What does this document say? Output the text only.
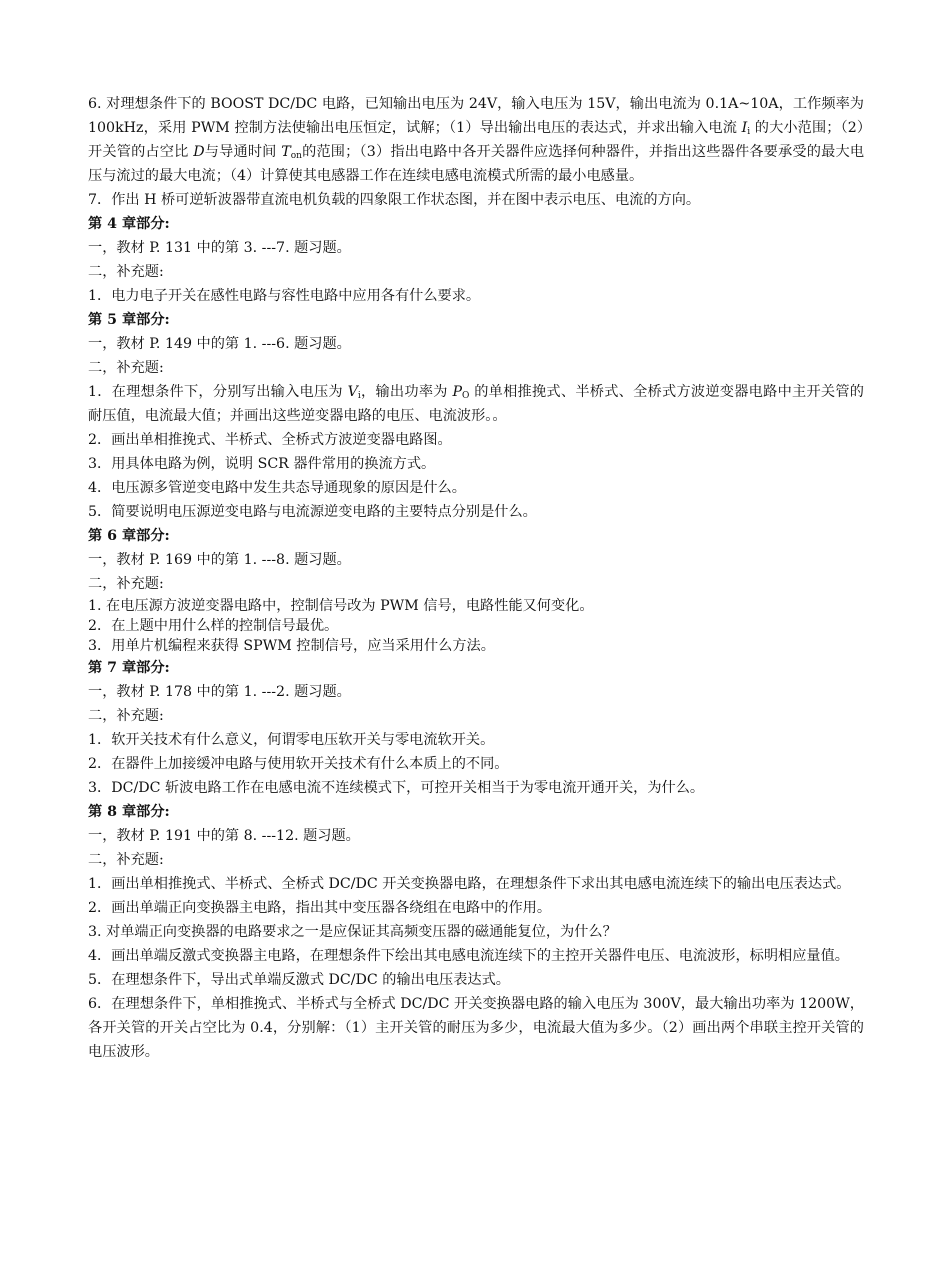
6. 对理想条件下的 BOOST DC/DC 电路，已知输出电压为 24V，输入电压为 15V，输出电流为 0.1A~10A，工作频率为 100kHz，采用 PWM 控制方法使输出电压恒定，试解；（1）导出输出电压的表达式，并求出输入电流 $I_i$ 的大小范围；（2）开关管的占空比 D与导通时间 $T_{on}$的范围；（3）指出电路中各开关器件应选择何种器件，并指出这些器件各要承受的最大电压与流过的最大电流；（4）计算使其电感器工作在连续电感电流模式所需的最小电感量。

7．作出 H 桥可逆斩波器带直流电机负载的四象限工作状态图，并在图中表示电压、电流的方向。

第 4 章部分:

一，教材 P. 131 中的第 3. ---7. 题习题。

二，补充题:

1．电力电子开关在感性电路与容性电路中应用各有什么要求。

第 5 章部分:

一，教材 P. 149 中的第 1. ---6. 题习题。

二，补充题:

1．在理想条件下，分别写出输入电压为 $V_i$，输出功率为 $P_O$ 的单相推挽式、半桥式、全桥式方波逆变器电路中主开关管的耐压值，电流最大值；并画出这些逆变器电路的电压、电流波形。。

2．画出单相推挽式、半桥式、全桥式方波逆变器电路图。

3．用具体电路为例，说明 SCR 器件常用的换流方式。

4．电压源多管逆变电路中发生共态导通现象的原因是什么。

5．简要说明电压源逆变电路与电流源逆变电路的主要特点分别是什么。

第 6 章部分:

一，教材 P. 169 中的第 1. ---8. 题习题。

二，补充题:

1. 在电压源方波逆变器电路中，控制信号改为 PWM 信号，电路性能又何变化。

2．在上题中用什么样的控制信号最优。

3．用单片机编程来获得 SPWM 控制信号，应当采用什么方法。

第 7 章部分:

一，教材 P. 178 中的第 1. ---2. 题习题。

二，补充题:

1．软开关技术有什么意义，何谓零电压软开关与零电流软开关。

2．在器件上加接缓冲电路与使用软开关技术有什么本质上的不同。

3．DC/DC 斩波电路工作在电感电流不连续模式下，可控开关相当于为零电流开通开关，为什么。

第 8 章部分:

一，教材 P. 191 中的第 8. ---12. 题习题。

二，补充题:

1．画出单相推挽式、半桥式、全桥式 DC/DC 开关变换器电路，在理想条件下求出其电感电流连续下的输出电压表达式。

2．画出单端正向变换器主电路，指出其中变压器各绕组在电路中的作用。

3. 对单端正向变换器的电路要求之一是应保证其高频变压器的磁通能复位，为什么？

4．画出单端反激式变换器主电路，在理想条件下绘出其电感电流连续下的主控开关器件电压、电流波形，标明相应量值。

5．在理想条件下，导出式单端反激式 DC/DC 的输出电压表达式。

6．在理想条件下，单相推挽式、半桥式与全桥式 DC/DC 开关变换器电路的输入电压为 300V，最大输出功率为 1200W，各开关管的开关占空比为 0.4，分别解：（1）主开关管的耐压为多少，电流最大值为多少。（2）画出两个串联主控开关管的电压波形。
